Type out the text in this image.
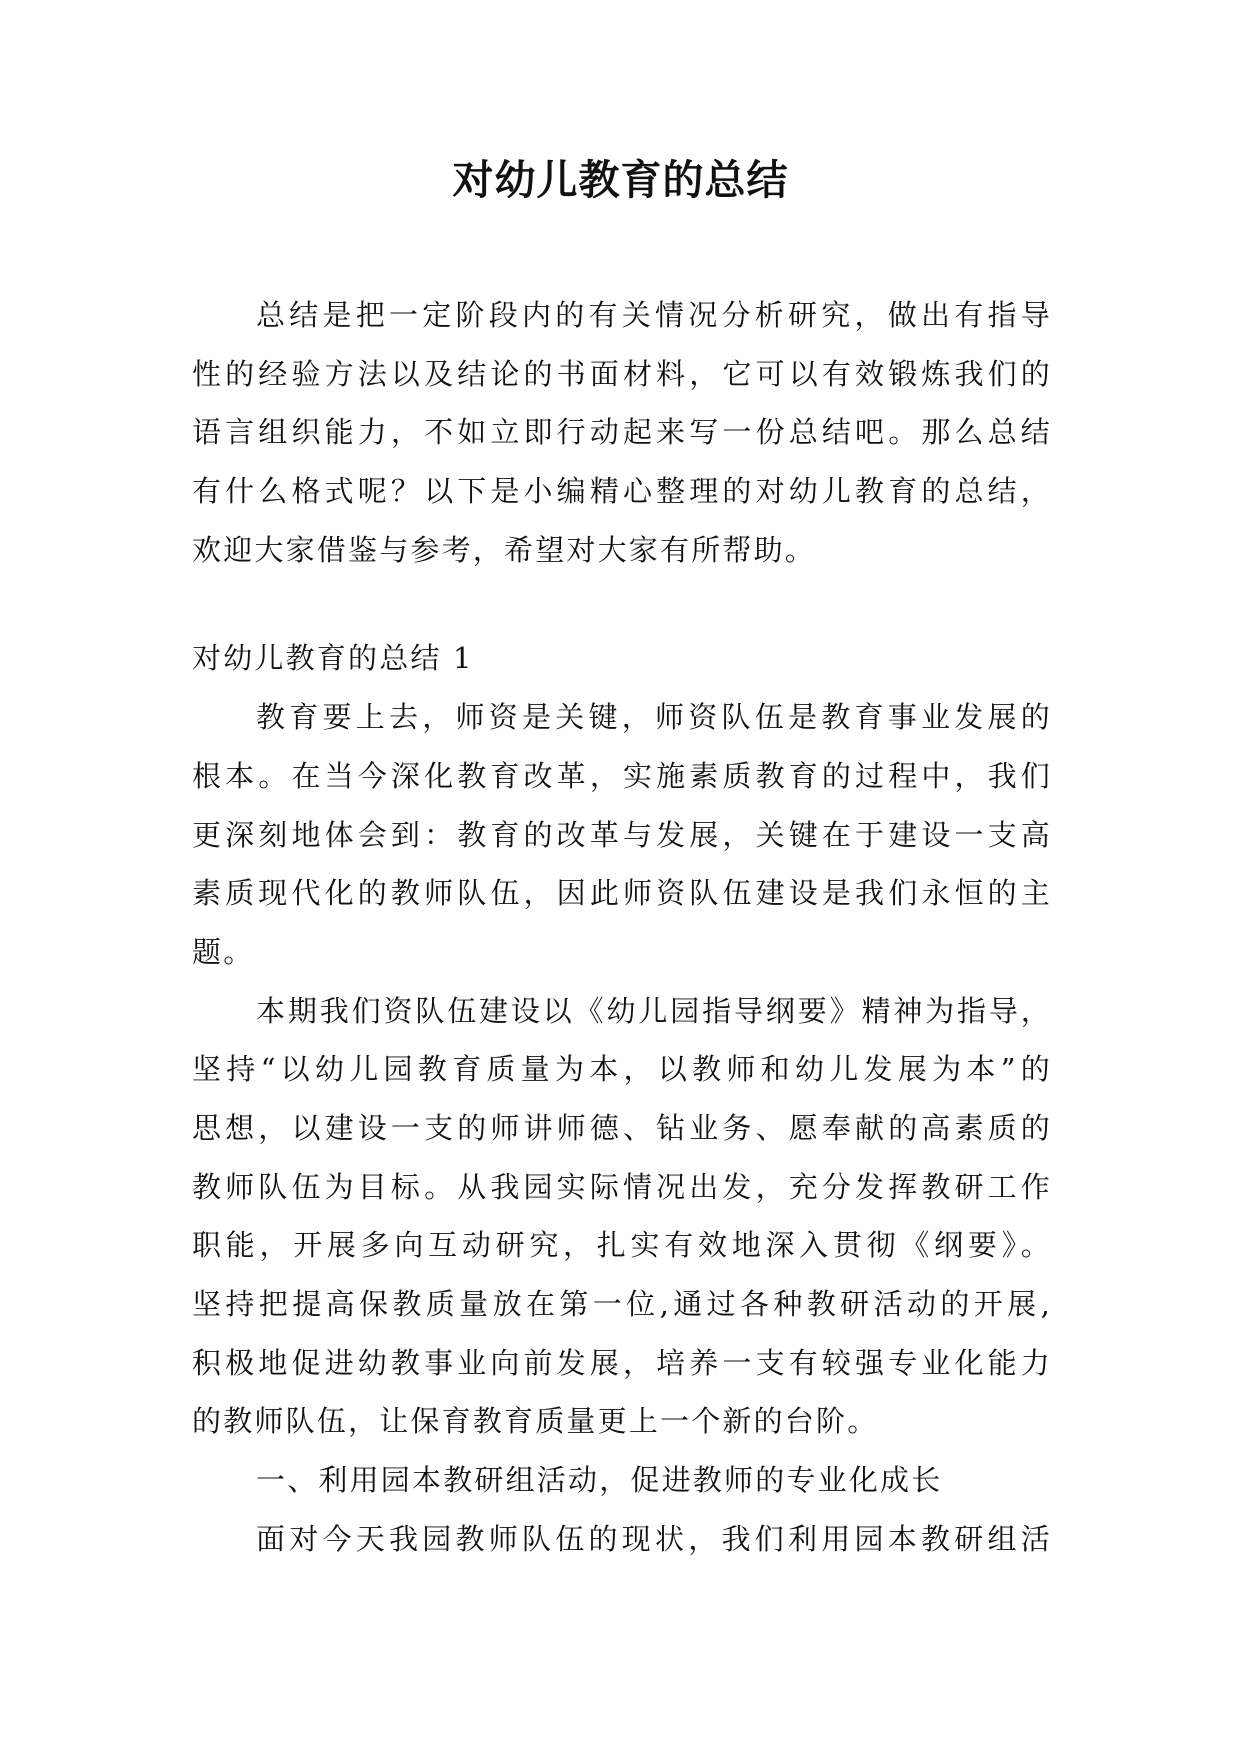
对幼儿教育的总结
总结是把一定阶段内的有关情况分析研究，做出有指导
性的经验方法以及结论的书面材料，它可以有效锻炼我们的
语言组织能力，不如立即行动起来写一份总结吧。那么总结
有什么格式呢？以下是小编精心整理的对幼儿教育的总结，
欢迎大家借鉴与参考，希望对大家有所帮助。
对幼儿教育的总结 1
教育要上去，师资是关键，师资队伍是教育事业发展的
根本。在当今深化教育改革，实施素质教育的过程中，我们
更深刻地体会到：教育的改革与发展，关键在于建设一支高
素质现代化的教师队伍，因此师资队伍建设是我们永恒的主
题。
本期我们资队伍建设以《幼儿园指导纲要》精神为指导，
坚持“以幼儿园教育质量为本，以教师和幼儿发展为本”的
思想，以建设一支的师讲师德、钻业务、愿奉献的高素质的
教师队伍为目标。从我园实际情况出发，充分发挥教研工作
职能，开展多向互动研究，扎实有效地深入贯彻《纲要》。
坚持把提高保教质量放在第一位,通过各种教研活动的开展,
积极地促进幼教事业向前发展，培养一支有较强专业化能力
的教师队伍，让保育教育质量更上一个新的台阶。
一、利用园本教研组活动，促进教师的专业化成长
面对今天我园教师队伍的现状，我们利用园本教研组活
